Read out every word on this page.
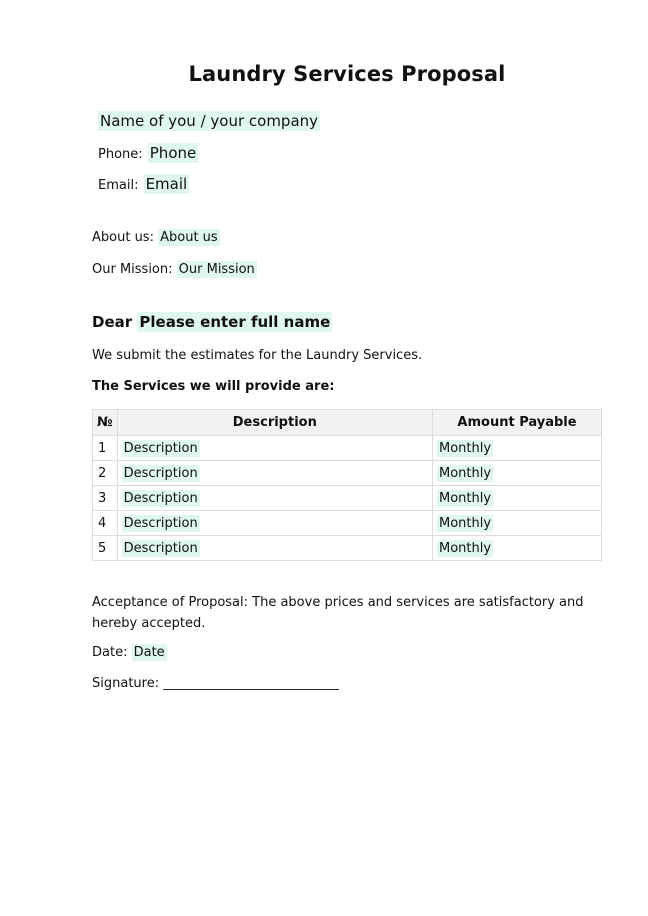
Laundry Services Proposal
Name of you / your company
Phone: Phone
Email: Email
About us: About us
Our Mission: Our Mission
Dear Please enter full name
We submit the estimates for the Laundry Services.
The Services we will provide are:
№	Description	Amount Payable
1	Description	Monthly
2	Description	Monthly
3	Description	Monthly
4	Description	Monthly
5	Description	Monthly
Acceptance of Proposal: The above prices and services are satisfactory and hereby accepted.
Date: Date
Signature: ___________________________
